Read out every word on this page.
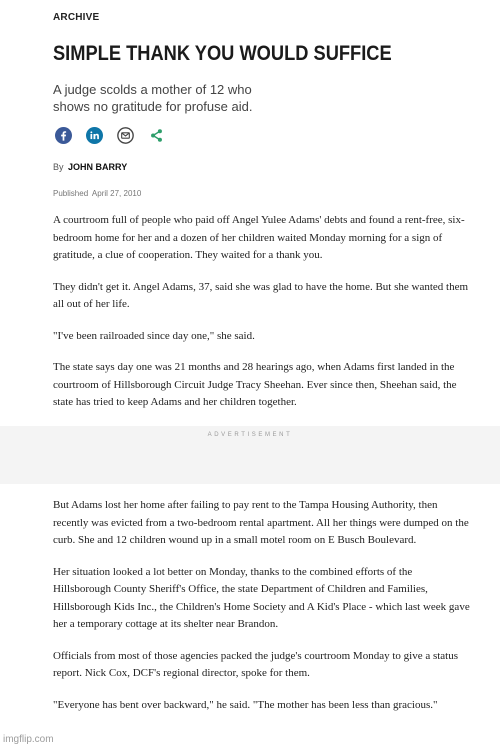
ARCHIVE
SIMPLE THANK YOU WOULD SUFFICE
A judge scolds a mother of 12 who shows no gratitude for profuse aid.
By JOHN BARRY
Published April 27, 2010

A courtroom full of people who paid off Angel Yulee Adams' debts and found a rent-free, six-bedroom home for her and a dozen of her children waited Monday morning for a sign of gratitude, a clue of cooperation. They waited for a thank you.

They didn't get it. Angel Adams, 37, said she was glad to have the home. But she wanted them all out of her life.

"I've been railroaded since day one," she said.

The state says day one was 21 months and 28 hearings ago, when Adams first landed in the courtroom of Hillsborough Circuit Judge Tracy Sheehan. Ever since then, Sheehan said, the state has tried to keep Adams and her children together.

ADVERTISEMENT

But Adams lost her home after failing to pay rent to the Tampa Housing Authority, then recently was evicted from a two-bedroom rental apartment. All her things were dumped on the curb. She and 12 children wound up in a small motel room on E Busch Boulevard.

Her situation looked a lot better on Monday, thanks to the combined efforts of the Hillsborough County Sheriff's Office, the state Department of Children and Families, Hillsborough Kids Inc., the Children's Home Society and A Kid's Place - which last week gave her a temporary cottage at its shelter near Brandon.

Officials from most of those agencies packed the judge's courtroom Monday to give a status report. Nick Cox, DCF's regional director, spoke for them.

"Everyone has bent over backward," he said. "The mother has been less than gracious."

imgflip.com
